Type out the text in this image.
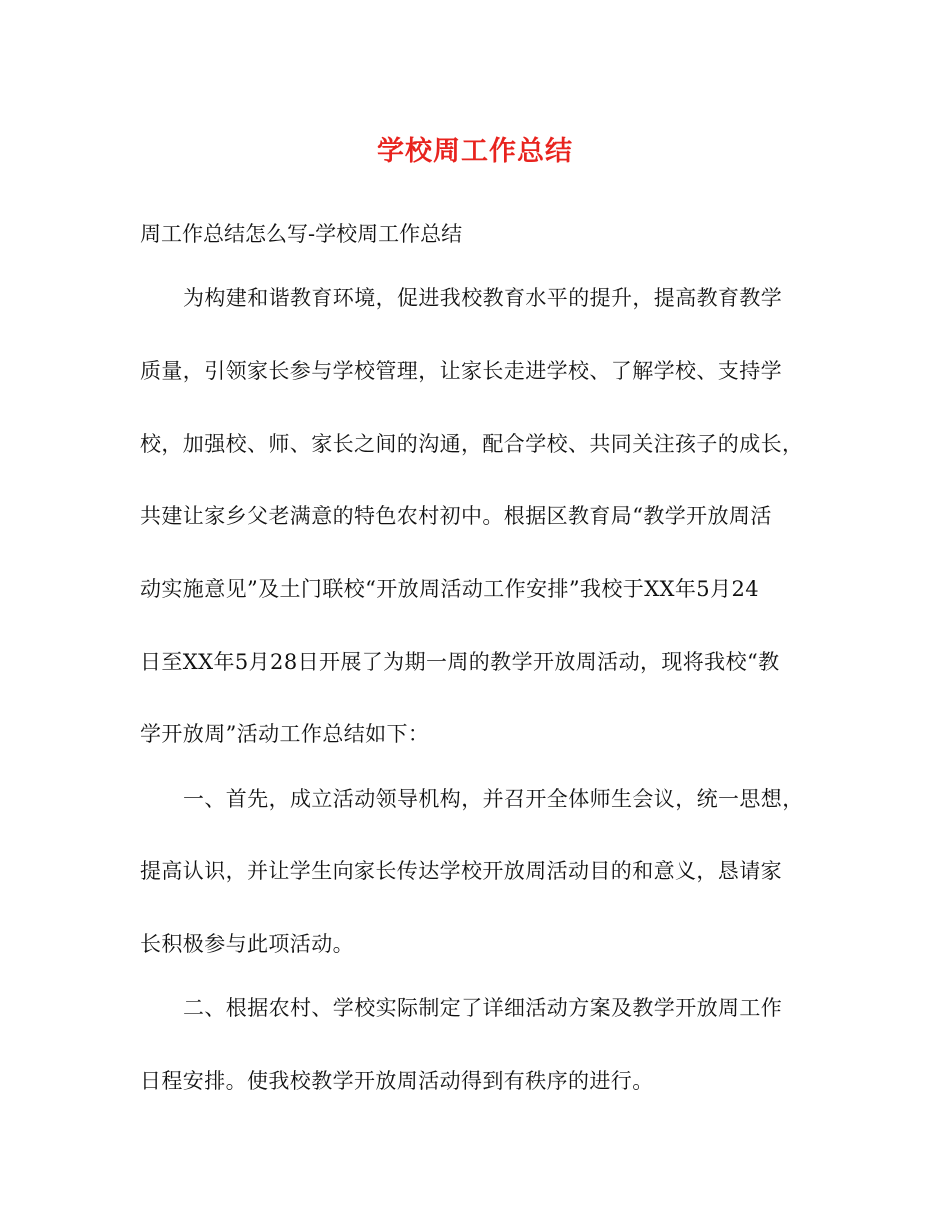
学校周工作总结
周工作总结怎么写-学校周工作总结
为构建和谐教育环境，促进我校教育水平的提升，提高教育教学
质量，引领家长参与学校管理，让家长走进学校、了解学校、支持学
校，加强校、师、家长之间的沟通，配合学校、共同关注孩子的成长，
共建让家乡父老满意的特色农村初中。根据区教育局“教学开放周活
动实施意见”及土门联校“开放周活动工作安排”我校于XX年5月24
日至XX年5月28日开展了为期一周的教学开放周活动，现将我校“教
学开放周”活动工作总结如下：
一、首先，成立活动领导机构，并召开全体师生会议，统一思想，
提高认识，并让学生向家长传达学校开放周活动目的和意义，恳请家
长积极参与此项活动。
二、根据农村、学校实际制定了详细活动方案及教学开放周工作
日程安排。使我校教学开放周活动得到有秩序的进行。
